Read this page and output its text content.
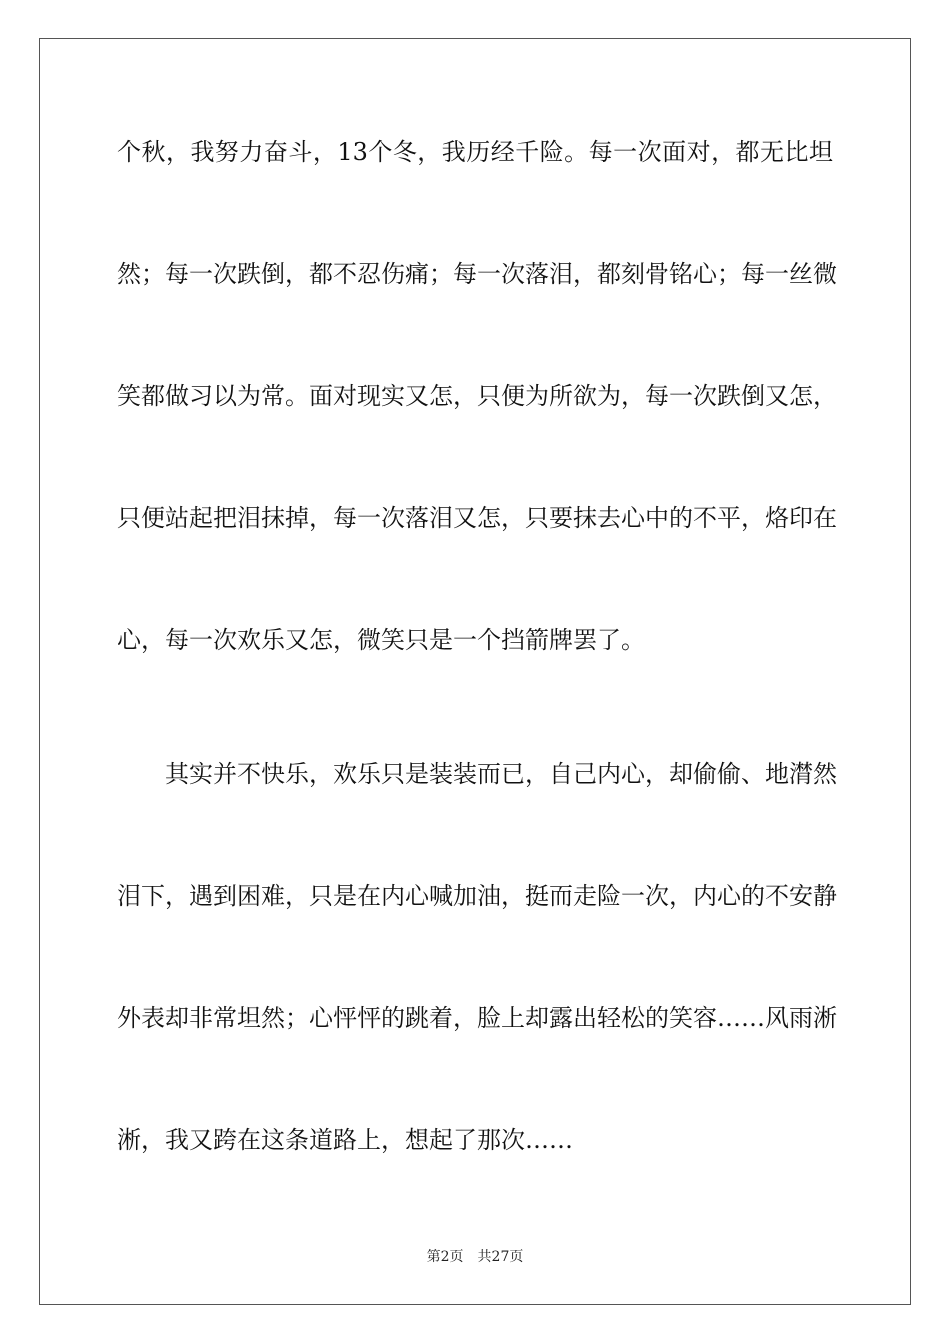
个秋，我努力奋斗，13个冬，我历经千险。每一次面对，都无比坦
然；每一次跌倒，都不忍伤痛；每一次落泪，都刻骨铭心；每一丝微
笑都做习以为常。面对现实又怎，只便为所欲为，每一次跌倒又怎，
只便站起把泪抹掉，每一次落泪又怎，只要抹去心中的不平，烙印在
心，每一次欢乐又怎，微笑只是一个挡箭牌罢了。
其实并不快乐，欢乐只是装装而已，自己内心，却偷偷、地潸然
泪下，遇到困难，只是在内心喊加油，挺而走险一次，内心的不安静
外表却非常坦然；心怦怦的跳着，脸上却露出轻松的笑容……风雨淅
淅，我又跨在这条道路上，想起了那次……
第2页 共27页
